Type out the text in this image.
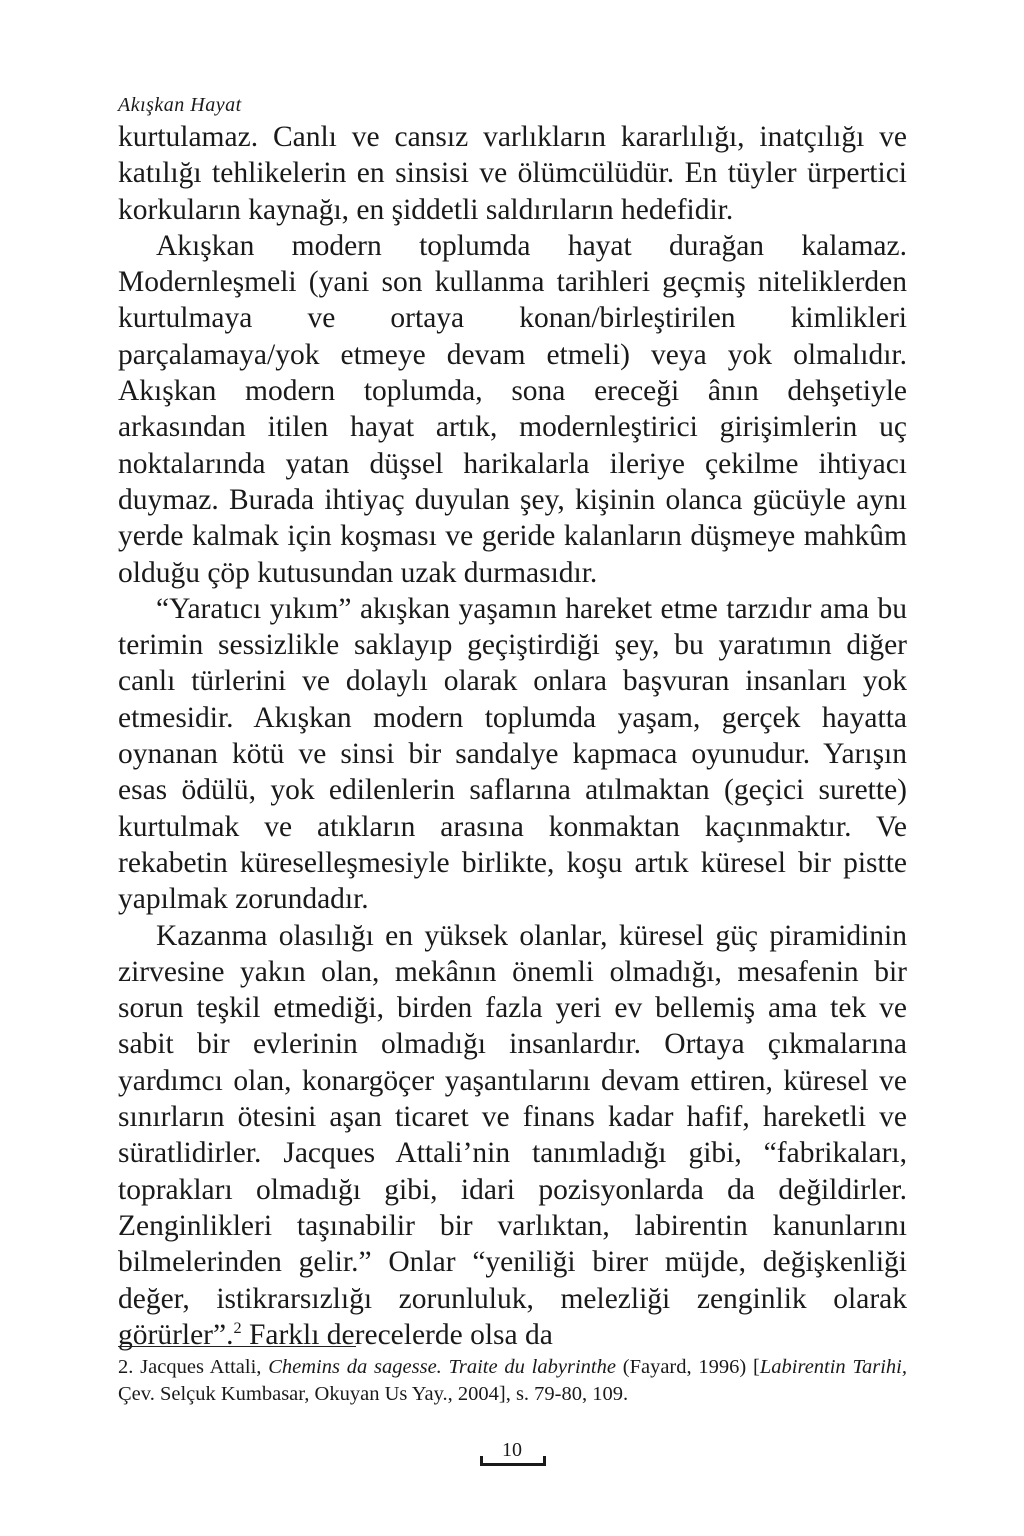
Akışkan Hayat

kurtulamaz. Canlı ve cansız varlıkların kararlılığı, inatçılığı ve katılığı tehlikelerin en sinsisi ve ölümcülüdür. En tüyler ürpertici korkuların kaynağı, en şiddetli saldırıların hedefidir.

Akışkan modern toplumda hayat durağan kalamaz. Modernleşmeli (yani son kullanma tarihleri geçmiş niteliklerden kurtulmaya ve ortaya konan/birleştirilen kimlikleri parçalamaya/yok etmeye devam etmeli) veya yok olmalıdır. Akışkan modern toplumda, sona ereceği ânın dehşetiyle arkasından itilen hayat artık, modernleştirici girişimlerin uç noktalarında yatan düşsel harikalarla ileriye çekilme ihtiyacı duymaz. Burada ihtiyaç duyulan şey, kişinin olanca gücüyle aynı yerde kalmak için koşması ve geride kalanların düşmeye mahkûm olduğu çöp kutusundan uzak durmasıdır.

“Yaratıcı yıkım” akışkan yaşamın hareket etme tarzıdır ama bu terimin sessizlikle saklayıp geçiştirdiği şey, bu yaratımın diğer canlı türlerini ve dolaylı olarak onlara başvuran insanları yok etmesidir. Akışkan modern toplumda yaşam, gerçek hayatta oynanan kötü ve sinsi bir sandalye kapmaca oyunudur. Yarışın esas ödülü, yok edilenlerin saflarına atılmaktan (geçici surette) kurtulmak ve atıkların arasına konmaktan kaçınmaktır. Ve rekabetin küreselleşmesiyle birlikte, koşu artık küresel bir pistte yapılmak zorundadır.

Kazanma olasılığı en yüksek olanlar, küresel güç piramidinin zirvesine yakın olan, mekânın önemli olmadığı, mesafenin bir sorun teşkil etmediği, birden fazla yeri ev bellemiş ama tek ve sabit bir evlerinin olmadığı insanlardır. Ortaya çıkmalarına yardımcı olan, konargöçer yaşantılarını devam ettiren, küresel ve sınırların ötesini aşan ticaret ve finans kadar hafif, hareketli ve süratlidirler. Jacques Attali’nin tanımladığı gibi, “fabrikaları, toprakları olmadığı gibi, idari pozisyonlarda da değildirler. Zenginlikleri taşınabilir bir varlıktan, labirentin kanunlarını bilmelerinden gelir.” Onlar “yeniliği birer müjde, değişkenliği değer, istikrarsızlığı zorunluluk, melezliği zenginlik olarak görürler”.$^2$ Farklı derecelerde olsa da

2. Jacques Attali, Chemins da sagesse. Traite du labyrinthe (Fayard, 1996) [Labirentin Tarihi, Çev. Selçuk Kumbasar, Okuyan Us Yay., 2004], s. 79-80, 109.
10
